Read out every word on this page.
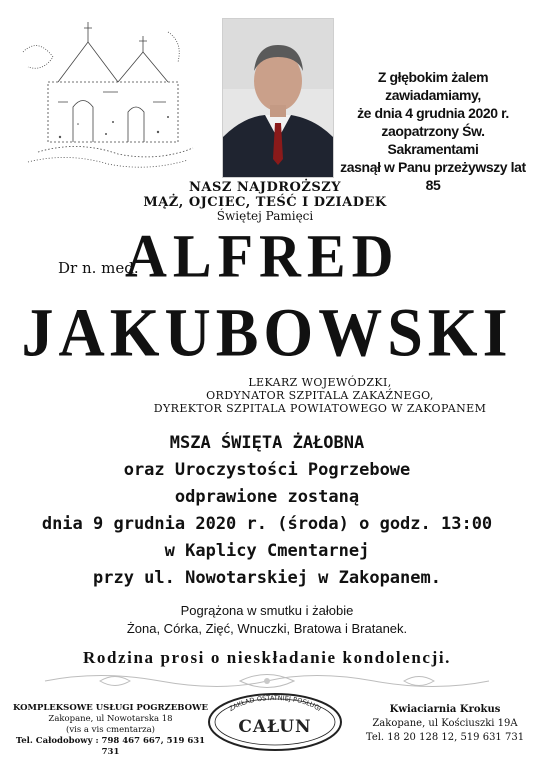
Z głębokim żalem zawiadamiamy,
że dnia 4 grudnia 2020 r.
zaopatrzony Św. Sakramentami
zasnął w Panu przeżywszy lat 85
NASZ NAJDROŻSZY
MĄŻ, OJCIEC, TEŚĆ I DZIADEK
Świętej Pamięci
Dr n. med.
ALFRED
JAKUBOWSKI
LEKARZ WOJEWÓDZKI,
ORDYNATOR SZPITALA ZAKAŹNEGO,
DYREKTOR SZPITALA POWIATOWEGO W ZAKOPANEM
MSZA ŚWIĘTA ŻAŁOBNA
oraz Uroczystości Pogrzebowe
odprawione zostaną
dnia 9 grudnia 2020 r. (środa) o godz. 13:00
w Kaplicy Cmentarnej
przy ul. Nowotarskiej w Zakopanem.
Pogrążona w smutku i żałobie
Żona, Córka, Zięć, Wnuczki, Bratowa i Bratanek.
Rodzina prosi o nieskładanie kondolencji.
KOMPLEKSOWE USŁUGI POGRZEBOWE
Zakopane, ul Nowotarska 18
(vis a vis cmentarza)
Tel. Całodobowy : 798 467 667, 519 631 731
ZAKŁAD OSTATNIEJ POSŁUGI
CAŁUN
Kwiaciarnia Krokus
Zakopane, ul Kościuszki 19A
Tel. 18 20 128 12, 519 631 731
